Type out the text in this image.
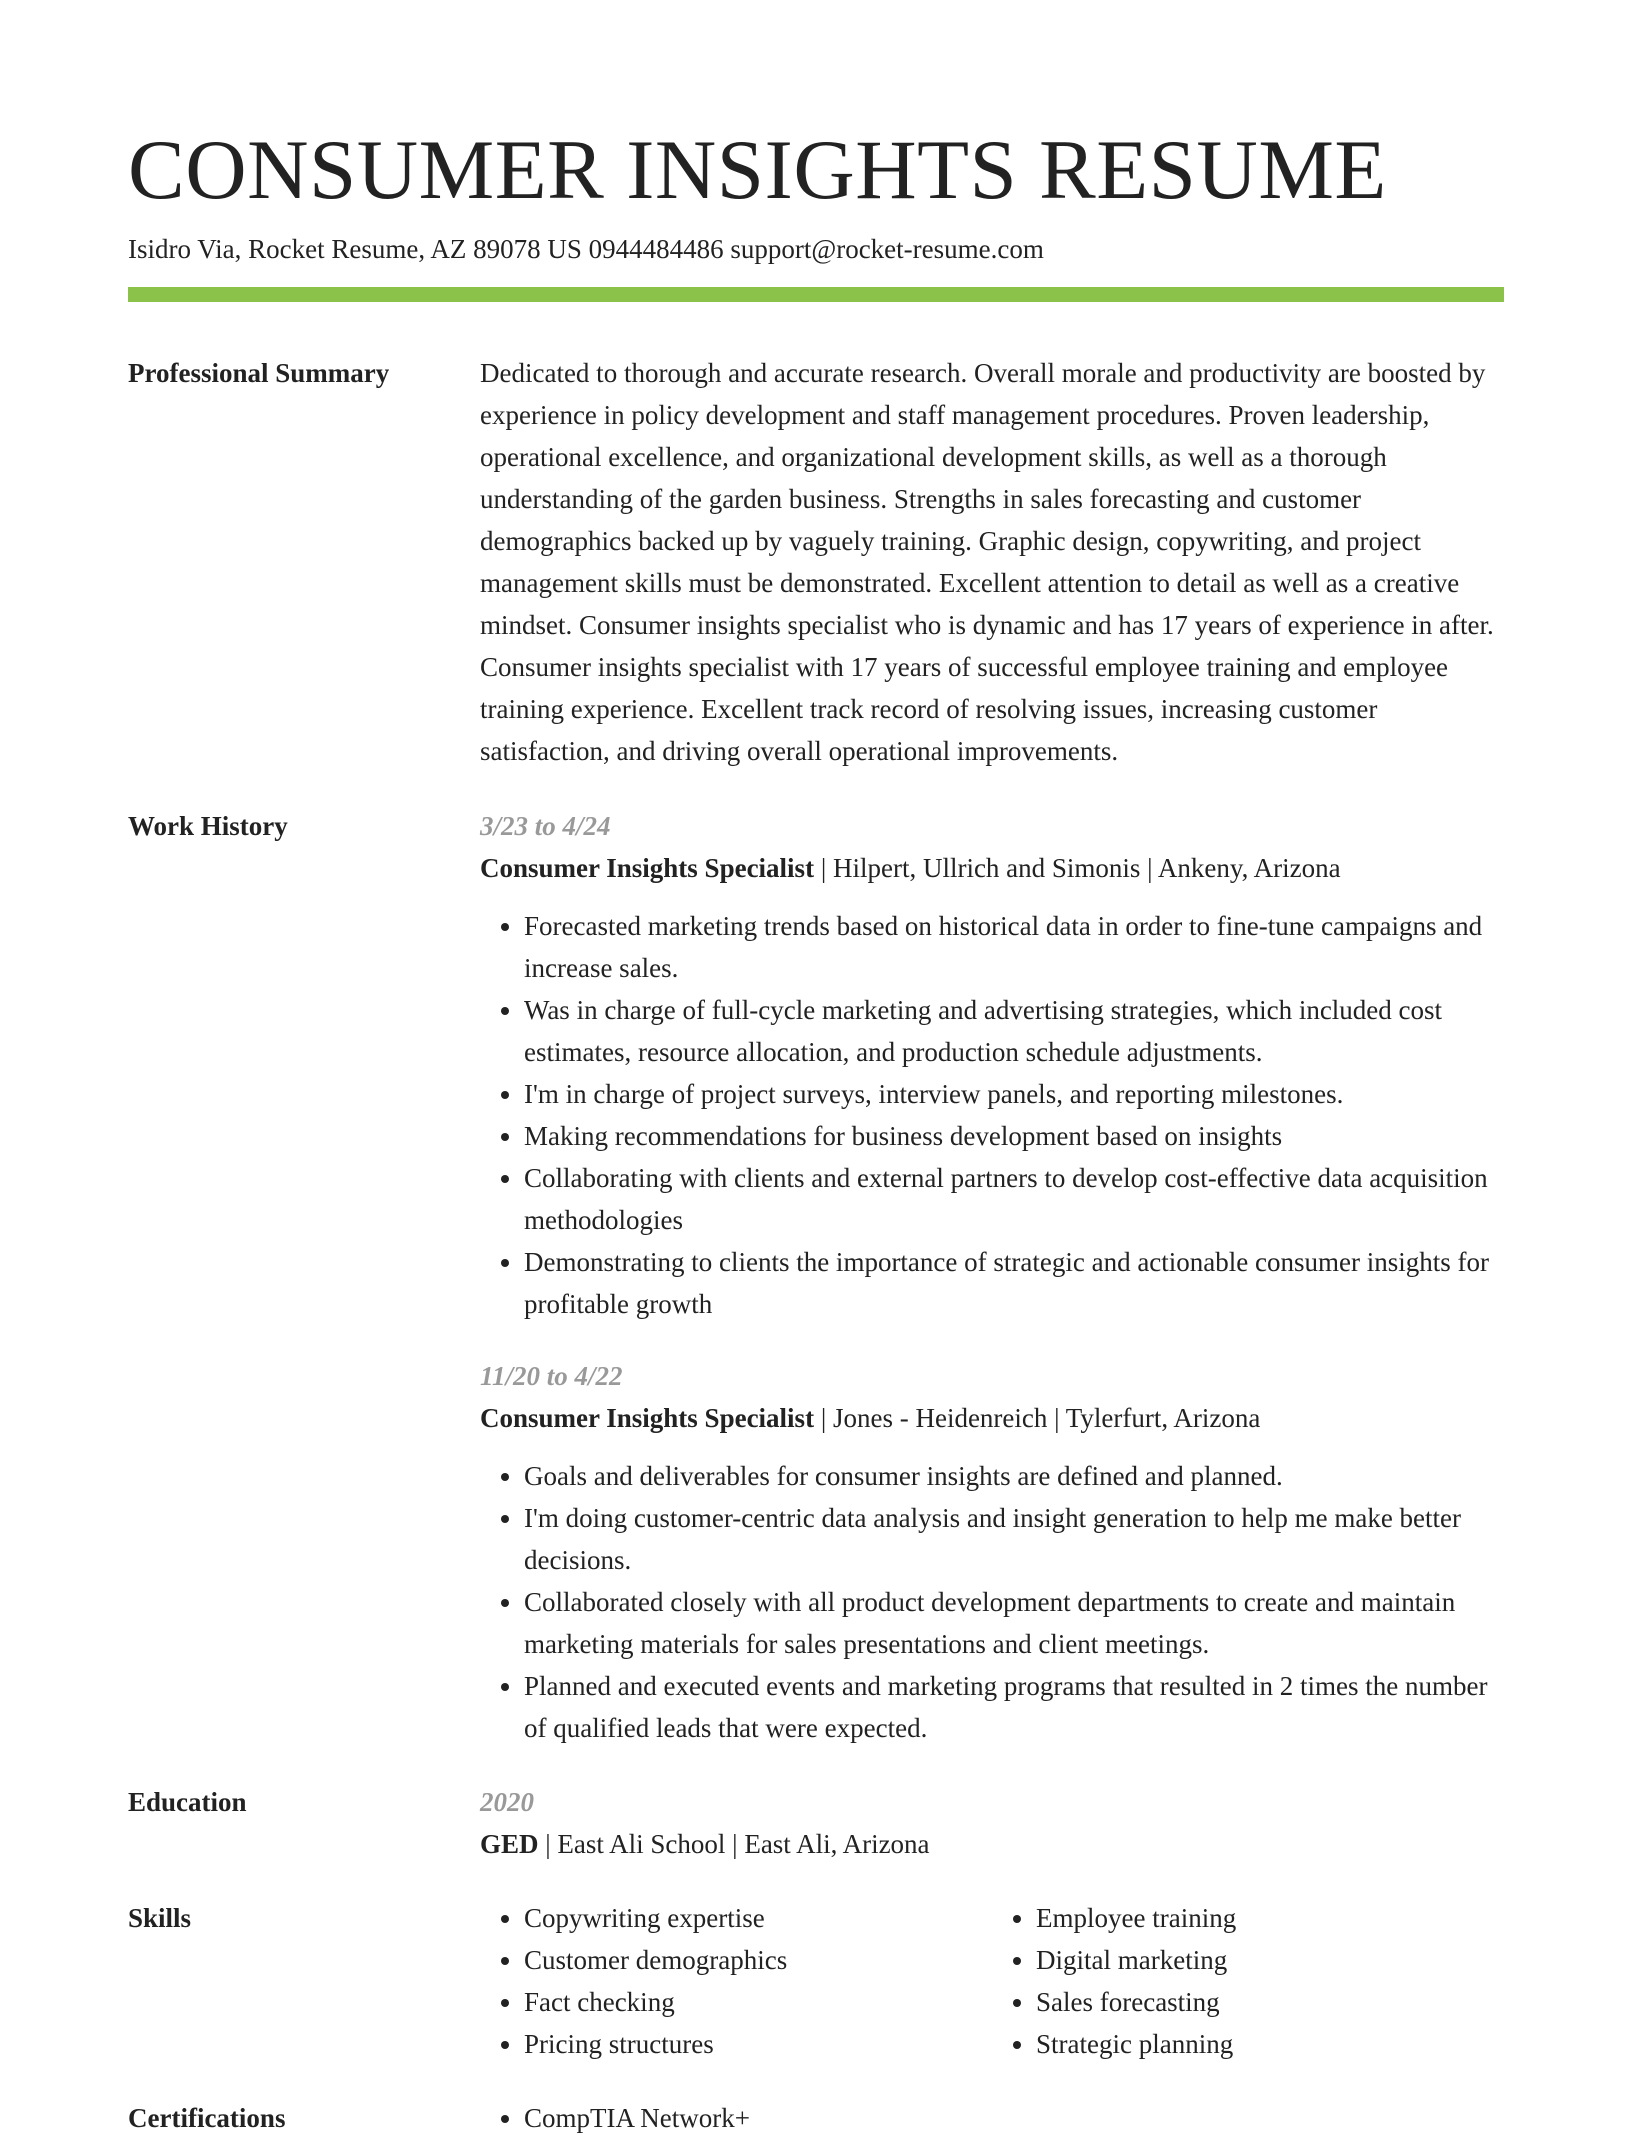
CONSUMER INSIGHTS RESUME
Isidro Via, Rocket Resume, AZ 89078 US 0944484486 support@rocket-resume.com
Professional Summary	Dedicated to thorough and accurate research. Overall morale and productivity are boosted by experience in policy development and staff management procedures. Proven leadership, operational excellence, and organizational development skills, as well as a thorough understanding of the garden business. Strengths in sales forecasting and customer demographics backed up by vaguely training. Graphic design, copywriting, and project management skills must be demonstrated. Excellent attention to detail as well as a creative mindset. Consumer insights specialist who is dynamic and has 17 years of experience in after. Consumer insights specialist with 17 years of successful employee training and employee training experience. Excellent track record of resolving issues, increasing customer satisfaction, and driving overall operational improvements.

Work History	3/23 to 4/24
Consumer Insights Specialist | Hilpert, Ullrich and Simonis | Ankeny, Arizona
• Forecasted marketing trends based on historical data in order to fine-tune campaigns and increase sales.
• Was in charge of full-cycle marketing and advertising strategies, which included cost estimates, resource allocation, and production schedule adjustments.
• I'm in charge of project surveys, interview panels, and reporting milestones.
• Making recommendations for business development based on insights
• Collaborating with clients and external partners to develop cost-effective data acquisition methodologies
• Demonstrating to clients the importance of strategic and actionable consumer insights for profitable growth
11/20 to 4/22
Consumer Insights Specialist | Jones - Heidenreich | Tylerfurt, Arizona
• Goals and deliverables for consumer insights are defined and planned.
• I'm doing customer-centric data analysis and insight generation to help me make better decisions.
• Collaborated closely with all product development departments to create and maintain marketing materials for sales presentations and client meetings.
• Planned and executed events and marketing programs that resulted in 2 times the number of qualified leads that were expected.
Education	2020
GED | East Ali School | East Ali, Arizona
Skills	• Copywriting expertise
• Customer demographics
• Fact checking
• Pricing structures
• Employee training
• Digital marketing
• Sales forecasting
• Strategic planning
Certifications	• CompTIA Network+
